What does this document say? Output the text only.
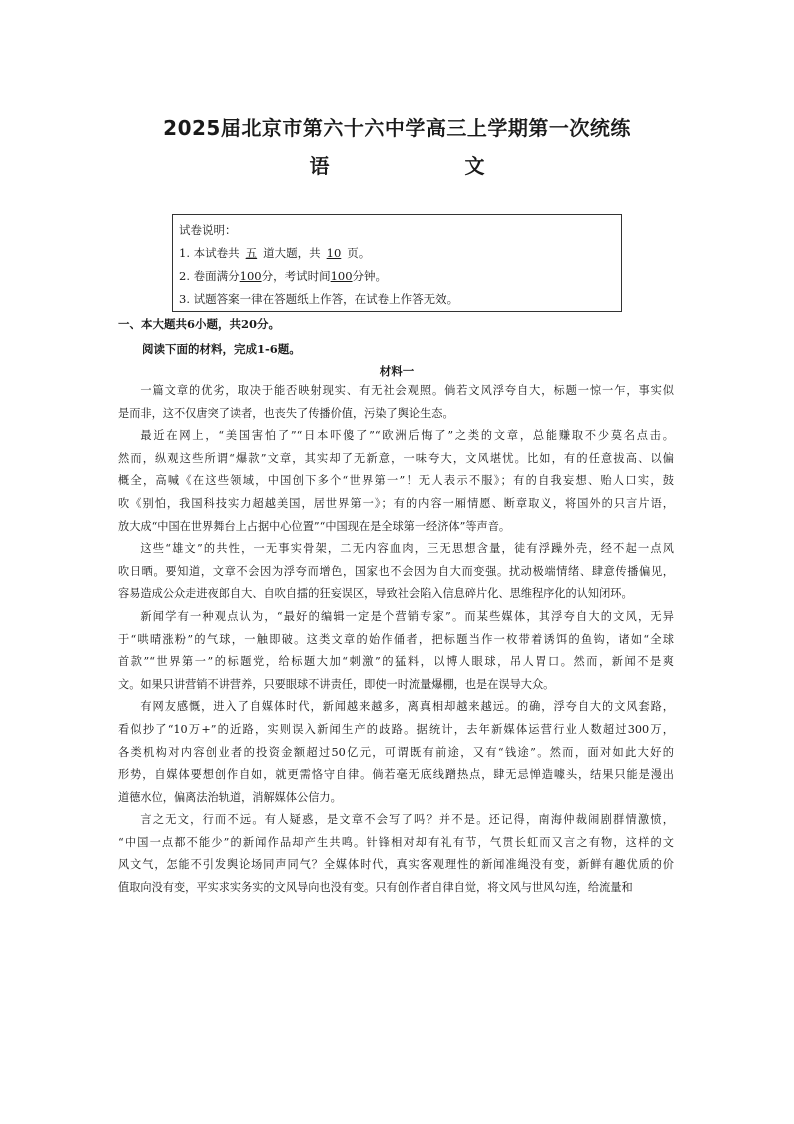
2025届北京市第六十六中学高三上学期第一次统练
语 文
试卷说明：
1. 本试卷共 五 道大题，共 10 页。
2. 卷面满分100分，考试时间100分钟。
3. 试题答案一律在答题纸上作答，在试卷上作答无效。

一、本大题共6小题，共20分。

阅读下面的材料，完成1-6题。

材料一

一篇文章的优劣，取决于能否映射现实、有无社会观照。倘若文风浮夸自大，标题一惊一乍，事实似
是而非，这不仅唐突了读者，也丧失了传播价值，污染了舆论生态。

最近在网上，“美国害怕了”“日本吓傻了”“欧洲后悔了”之类的文章，总能赚取不少莫名点击。
然而，纵观这些所谓“爆款”文章，其实却了无新意，一味夸大，文风堪忧。比如，有的任意拔高、以偏
概全，高喊《在这些领域，中国创下多个“世界第一”！无人表示不服》；有的自我妄想、贻人口实，鼓
吹《别怕，我国科技实力超越美国，居世界第一》；有的内容一厢情愿、断章取义，将国外的只言片语，
放大成“中国在世界舞台上占据中心位置”“中国现在是全球第一经济体”等声音。

这些“雄文”的共性，一无事实骨架，二无内容血肉，三无思想含量，徒有浮躁外壳，经不起一点风
吹日晒。要知道，文章不会因为浮夸而增色，国家也不会因为自大而变强。扰动极端情绪、肆意传播偏见，
容易造成公众走进夜郎自大、自吹自擂的狂妄误区，导致社会陷入信息碎片化、思维程序化的认知闭环。

新闻学有一种观点认为，“最好的编辑一定是个营销专家”。而某些媒体，其浮夸自大的文风，无异
于“哄晴涨粉”的气球，一触即破。这类文章的始作俑者，把标题当作一枚带着诱饵的鱼钩，诸如“全球
首款”“世界第一”的标题党，给标题大加“刺激”的猛料，以博人眼球，吊人胃口。然而，新闻不是爽
文。如果只讲营销不讲营养，只要眼球不讲责任，即使一时流量爆棚，也是在误导大众。

有网友感慨，进入了自媒体时代，新闻越来越多，离真相却越来越远。的确，浮夸自大的文风套路，
看似抄了“10万+”的近路，实则误入新闻生产的歧路。据统计，去年新媒体运营行业人数超过300万，
各类机构对内容创业者的投资金额超过50亿元，可谓既有前途，又有“钱途”。然而，面对如此大好的
形势，自媒体要想创作自如，就更需恪守自律。倘若毫无底线蹭热点，肆无忌惮造噱头，结果只能是漫出
道德水位，偏离法治轨道，消解媒体公信力。

言之无文，行而不远。有人疑惑，是文章不会写了吗？并不是。还记得，南海仲裁闹剧群情激愤，
“中国一点都不能少”的新闻作品却产生共鸣。针锋相对却有礼有节，气贯长虹而又言之有物，这样的文
风文气，怎能不引发舆论场同声同气？全媒体时代，真实客观理性的新闻准绳没有变，新鲜有趣优质的价
值取向没有变，平实求实务实的文风导向也没有变。只有创作者自律自觉，将文风与世风勾连，给流量和
